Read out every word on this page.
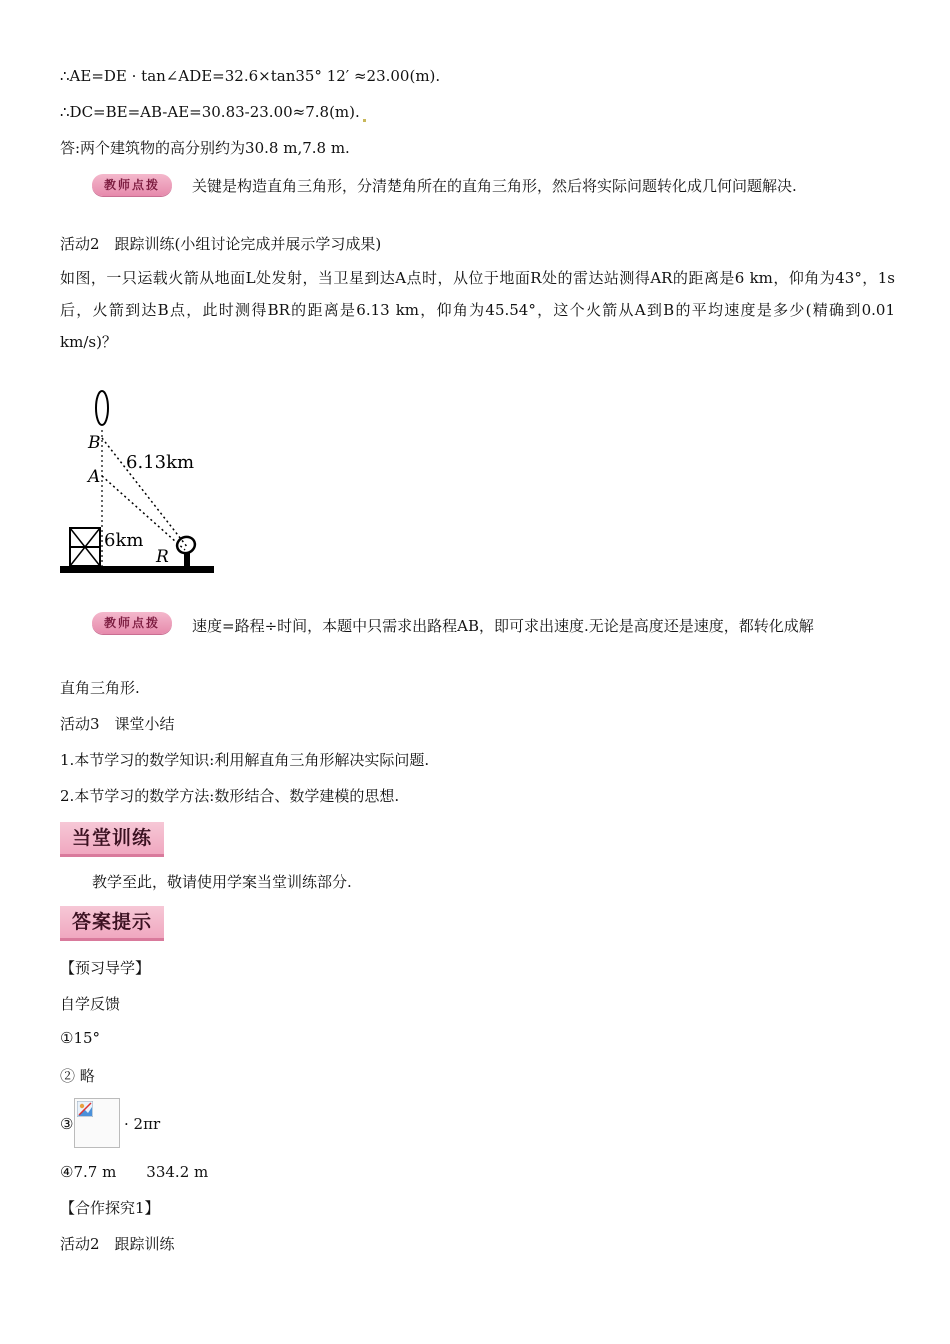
∴AE=DE · tan∠ADE=32.6×tan35° 12′ ≈23.00(m).
∴DC=BE=AB-AE=30.83-23.00≈7.8(m).
答:两个建筑物的高分别约为30.8 m,7.8 m.
教师点拨	关键是构造直角三角形，分清楚角所在的直角三角形，然后将实际问题转化成几何问题解决.
活动2　跟踪训练(小组讨论完成并展示学习成果)
如图，一只运载火箭从地面L处发射，当卫星到达A点时，从位于地面R处的雷达站测得AR的距离是6 km，仰角为43°，1s后，火箭到达B点，此时测得BR的距离是6.13 km，仰角为45.54°，这个火箭从A到B的平均速度是多少(精确到0.01 km/s)？
B
A
6.13km
6km
R
教师点拨	速度=路程÷时间，本题中只需求出路程AB，即可求出速度.无论是高度还是速度，都转化成解
直角三角形.
活动3　课堂小结
1.本节学习的数学知识:利用解直角三角形解决实际问题.
2.本节学习的数学方法:数形结合、数学建模的思想.
当堂训练
教学至此，敬请使用学案当堂训练部分.
答案提示
【预习导学】
自学反馈
①15°
② 略
③	· 2πr
④7.7 m　　334.2 m
【合作探究1】
活动2　跟踪训练
